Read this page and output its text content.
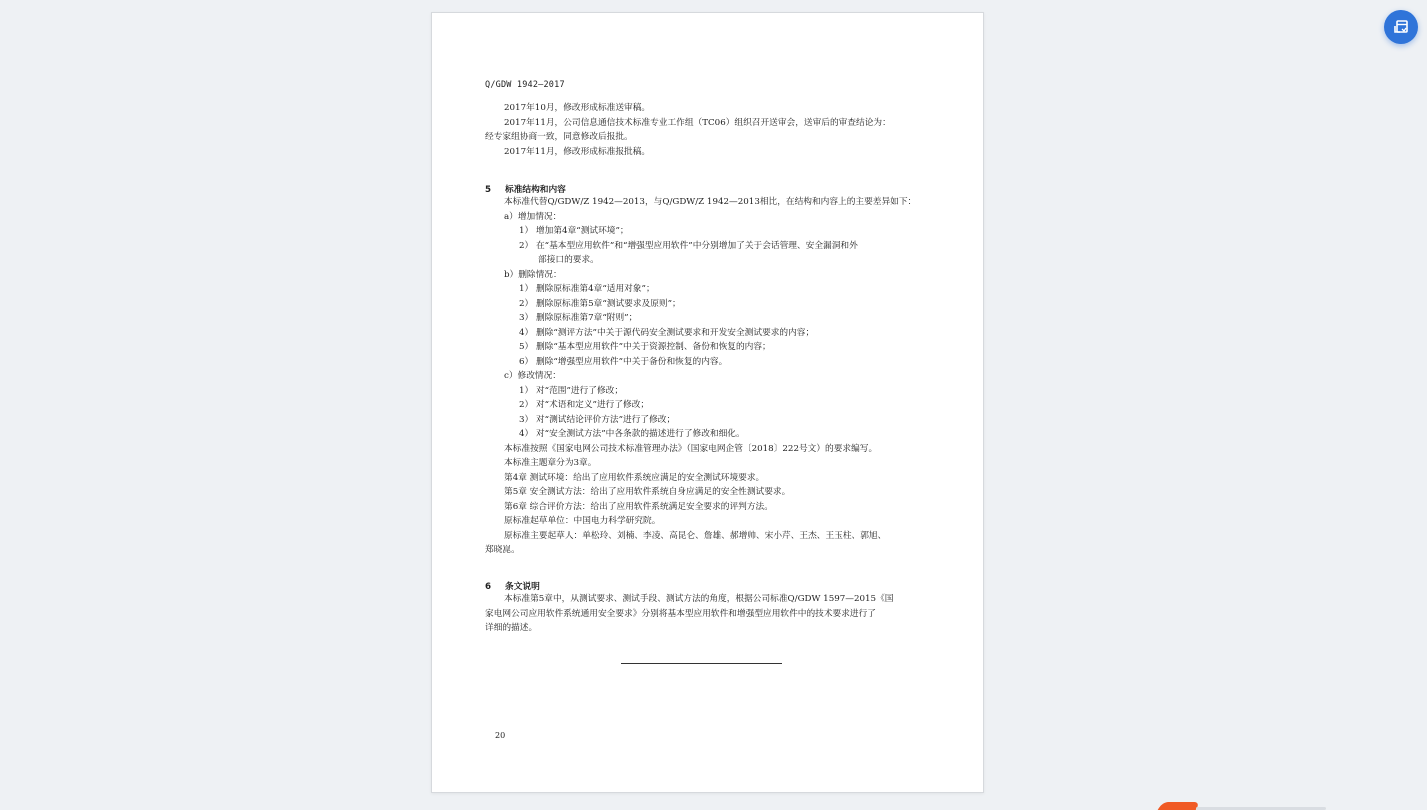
Q/GDW 1942—2017
5 标准结构和内容
6 条文说明
20
2017年10月，修改形成标准送审稿。
2017年11月，公司信息通信技术标准专业工作组（TC06）组织召开送审会，送审后的审查结论为：
经专家组协商一致，同意修改后报批。
2017年11月，修改形成标准报批稿。
本标准代替Q/GDW/Z 1942—2013，与Q/GDW/Z 1942—2013相比，在结构和内容上的主要差异如下：
a）增加情况：
1） 增加第4章“测试环境”；
2） 在“基本型应用软件”和“增强型应用软件”中分别增加了关于会话管理、安全漏洞和外
部接口的要求。
b）删除情况：
1） 删除原标准第4章“适用对象”；
2） 删除原标准第5章“测试要求及原则”；
3） 删除原标准第7章“附则”；
4） 删除“测评方法”中关于源代码安全测试要求和开发安全测试要求的内容；
5） 删除“基本型应用软件”中关于资源控制、备份和恢复的内容；
6） 删除“增强型应用软件”中关于备份和恢复的内容。
c）修改情况：
1） 对“范围”进行了修改；
2） 对“术语和定义”进行了修改；
3） 对“测试结论评价方法”进行了修改；
4） 对“安全测试方法”中各条款的描述进行了修改和细化。
本标准按照《国家电网公司技术标准管理办法》（国家电网企管〔2018〕222号文）的要求编写。
本标准主题章分为3章。
第4章 测试环境：给出了应用软件系统应满足的安全测试环境要求。
第5章 安全测试方法：给出了应用软件系统自身应满足的安全性测试要求。
第6章 综合评价方法：给出了应用软件系统满足安全要求的评判方法。
原标准起草单位：中国电力科学研究院。
原标准主要起草人：单松玲、刘楠、李凌、高昆仑、詹雄、郝增帅、宋小芹、王杰、王玉柱、郭旭、
郑晓崑。
本标准第5章中，从测试要求、测试手段、测试方法的角度，根据公司标准Q/GDW 1597—2015《国
家电网公司应用软件系统通用安全要求》分别将基本型应用软件和增强型应用软件中的技术要求进行了
详细的描述。
